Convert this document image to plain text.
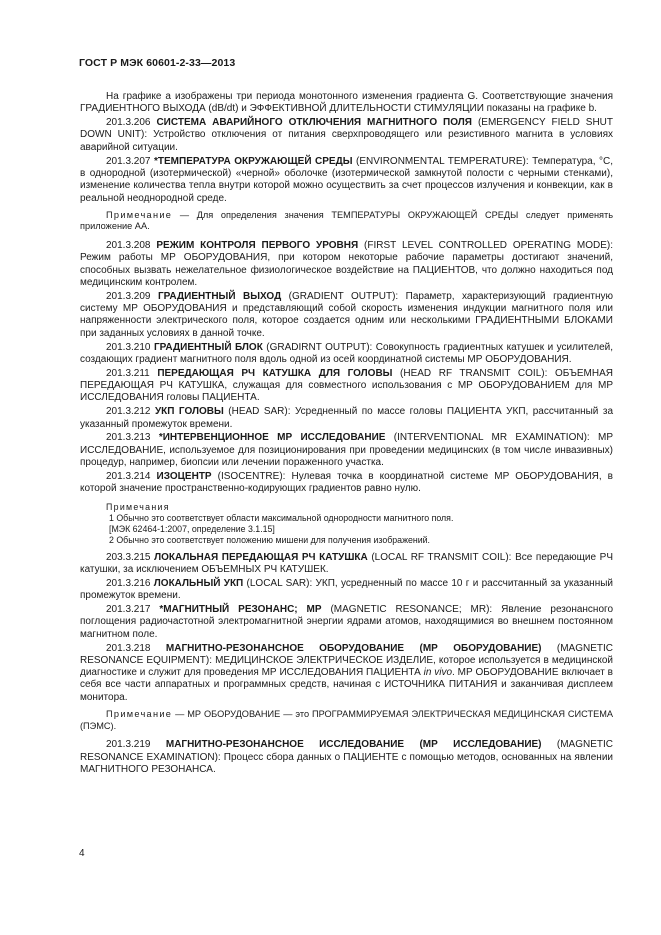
ГОСТ Р МЭК 60601-2-33—2013

На графике a изображены три периода монотонного изменения градиента G. Соответствующие значения ГРАДИЕНТНОГО ВЫХОДА (dB/dt) и ЭФФЕКТИВНОЙ ДЛИТЕЛЬНОСТИ СТИМУЛЯЦИИ показаны на графике b.

201.3.206 СИСТЕМА АВАРИЙНОГО ОТКЛЮЧЕНИЯ МАГНИТНОГО ПОЛЯ (EMERGENCY FIELD SHUT DOWN UNIT): Устройство отключения от питания сверхпроводящего или резистивного магнита в условиях аварийной ситуации.

201.3.207 *ТЕМПЕРАТУРА ОКРУЖАЮЩЕЙ СРЕДЫ (ENVIRONMENTAL TEMPERATURE): Температура, °C, в однородной (изотермической) «черной» оболочке (изотермической замкнутой полости с черными стенками), изменение количества тепла внутри которой можно осуществить за счет процессов излучения и конвекции, как в реальной неоднородной среде.

Примечание — Для определения значения ТЕМПЕРАТУРЫ ОКРУЖАЮЩЕЙ СРЕДЫ следует применять приложение АА.

201.3.208 РЕЖИМ КОНТРОЛЯ ПЕРВОГО УРОВНЯ (FIRST LEVEL CONTROLLED OPERATING MODE): Режим работы МР ОБОРУДОВАНИЯ, при котором некоторые рабочие параметры достигают значений, способных вызвать нежелательное физиологическое воздействие на ПАЦИЕНТОВ, что должно находиться под медицинским контролем.

201.3.209 ГРАДИЕНТНЫЙ ВЫХОД (GRADIENT OUTPUT): Параметр, характеризующий градиентную систему МР ОБОРУДОВАНИЯ и представляющий собой скорость изменения индукции магнитного поля или напряженности электрического поля, которое создается одним или несколькими ГРАДИЕНТНЫМИ БЛОКАМИ при заданных условиях в данной точке.

201.3.210 ГРАДИЕНТНЫЙ БЛОК (GRADIRNT OUTPUT): Совокупность градиентных катушек и усилителей, создающих градиент магнитного поля вдоль одной из осей координатной системы МР ОБОРУДОВАНИЯ.

201.3.211 ПЕРЕДАЮЩАЯ РЧ КАТУШКА ДЛЯ ГОЛОВЫ (HEAD RF TRANSMIT COIL): ОБЪЕМНАЯ ПЕРЕДАЮЩАЯ РЧ КАТУШКА, служащая для совместного использования с МР ОБОРУДОВАНИЕМ для МР ИССЛЕДОВАНИЯ головы ПАЦИЕНТА.

201.3.212 УКП ГОЛОВЫ (HEAD SAR): Усредненный по массе головы ПАЦИЕНТА УКП, рассчитанный за указанный промежуток времени.

201.3.213 *ИНТЕРВЕНЦИОННОЕ МР ИССЛЕДОВАНИЕ (INTERVENTIONAL MR EXAMINATION): МР ИССЛЕДОВАНИЕ, используемое для позиционирования при проведении медицинских (в том числе инвазивных) процедур, например, биопсии или лечении пораженного участка.

201.3.214 ИЗОЦЕНТР (ISOCENTRE): Нулевая точка в координатной системе МР ОБОРУДОВАНИЯ, в которой значение пространственно-кодирующих градиентов равно нулю.

Примечания
1 Обычно это соответствует области максимальной однородности магнитного поля.
[МЭК 62464-1:2007, определение 3.1.15]
2 Обычно это соответствует положению мишени для получения изображений.

203.3.215 ЛОКАЛЬНАЯ ПЕРЕДАЮЩАЯ РЧ КАТУШКА (LOCAL RF TRANSMIT COIL): Все передающие РЧ катушки, за исключением ОБЪЕМНЫХ РЧ КАТУШЕК.

201.3.216 ЛОКАЛЬНЫЙ УКП (LOCAL SAR): УКП, усредненный по массе 10 г и рассчитанный за указанный промежуток времени.

201.3.217 *МАГНИТНЫЙ РЕЗОНАНС; МР (MAGNETIC RESONANCE; MR): Явление резонансного поглощения радиочастотной электромагнитной энергии ядрами атомов, находящимися во внешнем постоянном магнитном поле.

201.3.218 МАГНИТНО-РЕЗОНАНСНОЕ ОБОРУДОВАНИЕ (МР ОБОРУДОВАНИЕ) (MAGNETIC RESONANCE EQUIPMENT): МЕДИЦИНСКОЕ ЭЛЕКТРИЧЕСКОЕ ИЗДЕЛИЕ, которое используется в медицинской диагностике и служит для проведения МР ИССЛЕДОВАНИЯ ПАЦИЕНТА in vivo. МР ОБОРУДОВАНИЕ включает в себя все части аппаратных и программных средств, начиная с ИСТОЧНИКА ПИТАНИЯ и заканчивая дисплеем монитора.

Примечание — МР ОБОРУДОВАНИЕ — это ПРОГРАММИРУЕМАЯ ЭЛЕКТРИЧЕСКАЯ МЕДИЦИНСКАЯ СИСТЕМА (ПЭМС).

201.3.219 МАГНИТНО-РЕЗОНАНСНОЕ ИССЛЕДОВАНИЕ (МР ИССЛЕДОВАНИЕ) (MAGNETIC RESONANCE EXAMINATION): Процесс сбора данных о ПАЦИЕНТЕ с помощью методов, основанных на явлении МАГНИТНОГО РЕЗОНАНСА.

4
